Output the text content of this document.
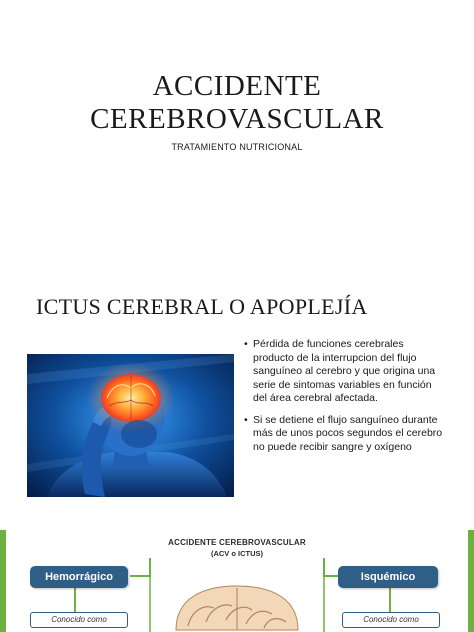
ACCIDENTE
CEREBROVASCULAR
TRATAMIENTO NUTRICIONAL
ICTUS CEREBRAL O APOPLEJÍA
• Pérdida de funciones cerebrales producto de la interrupcion del flujo sanguíneo al cerebro y que origina una serie de sintomas variables en función del área cerebral afectada.
• Si se detiene el flujo sanguíneo durante más de unos pocos segundos el cerebro no puede recibir sangre y oxígeno
ACCIDENTE CEREBROVASCULAR
(ACV o ICTUS)
Hemorrágico	Isquémico
Conocido como	Conocido como
